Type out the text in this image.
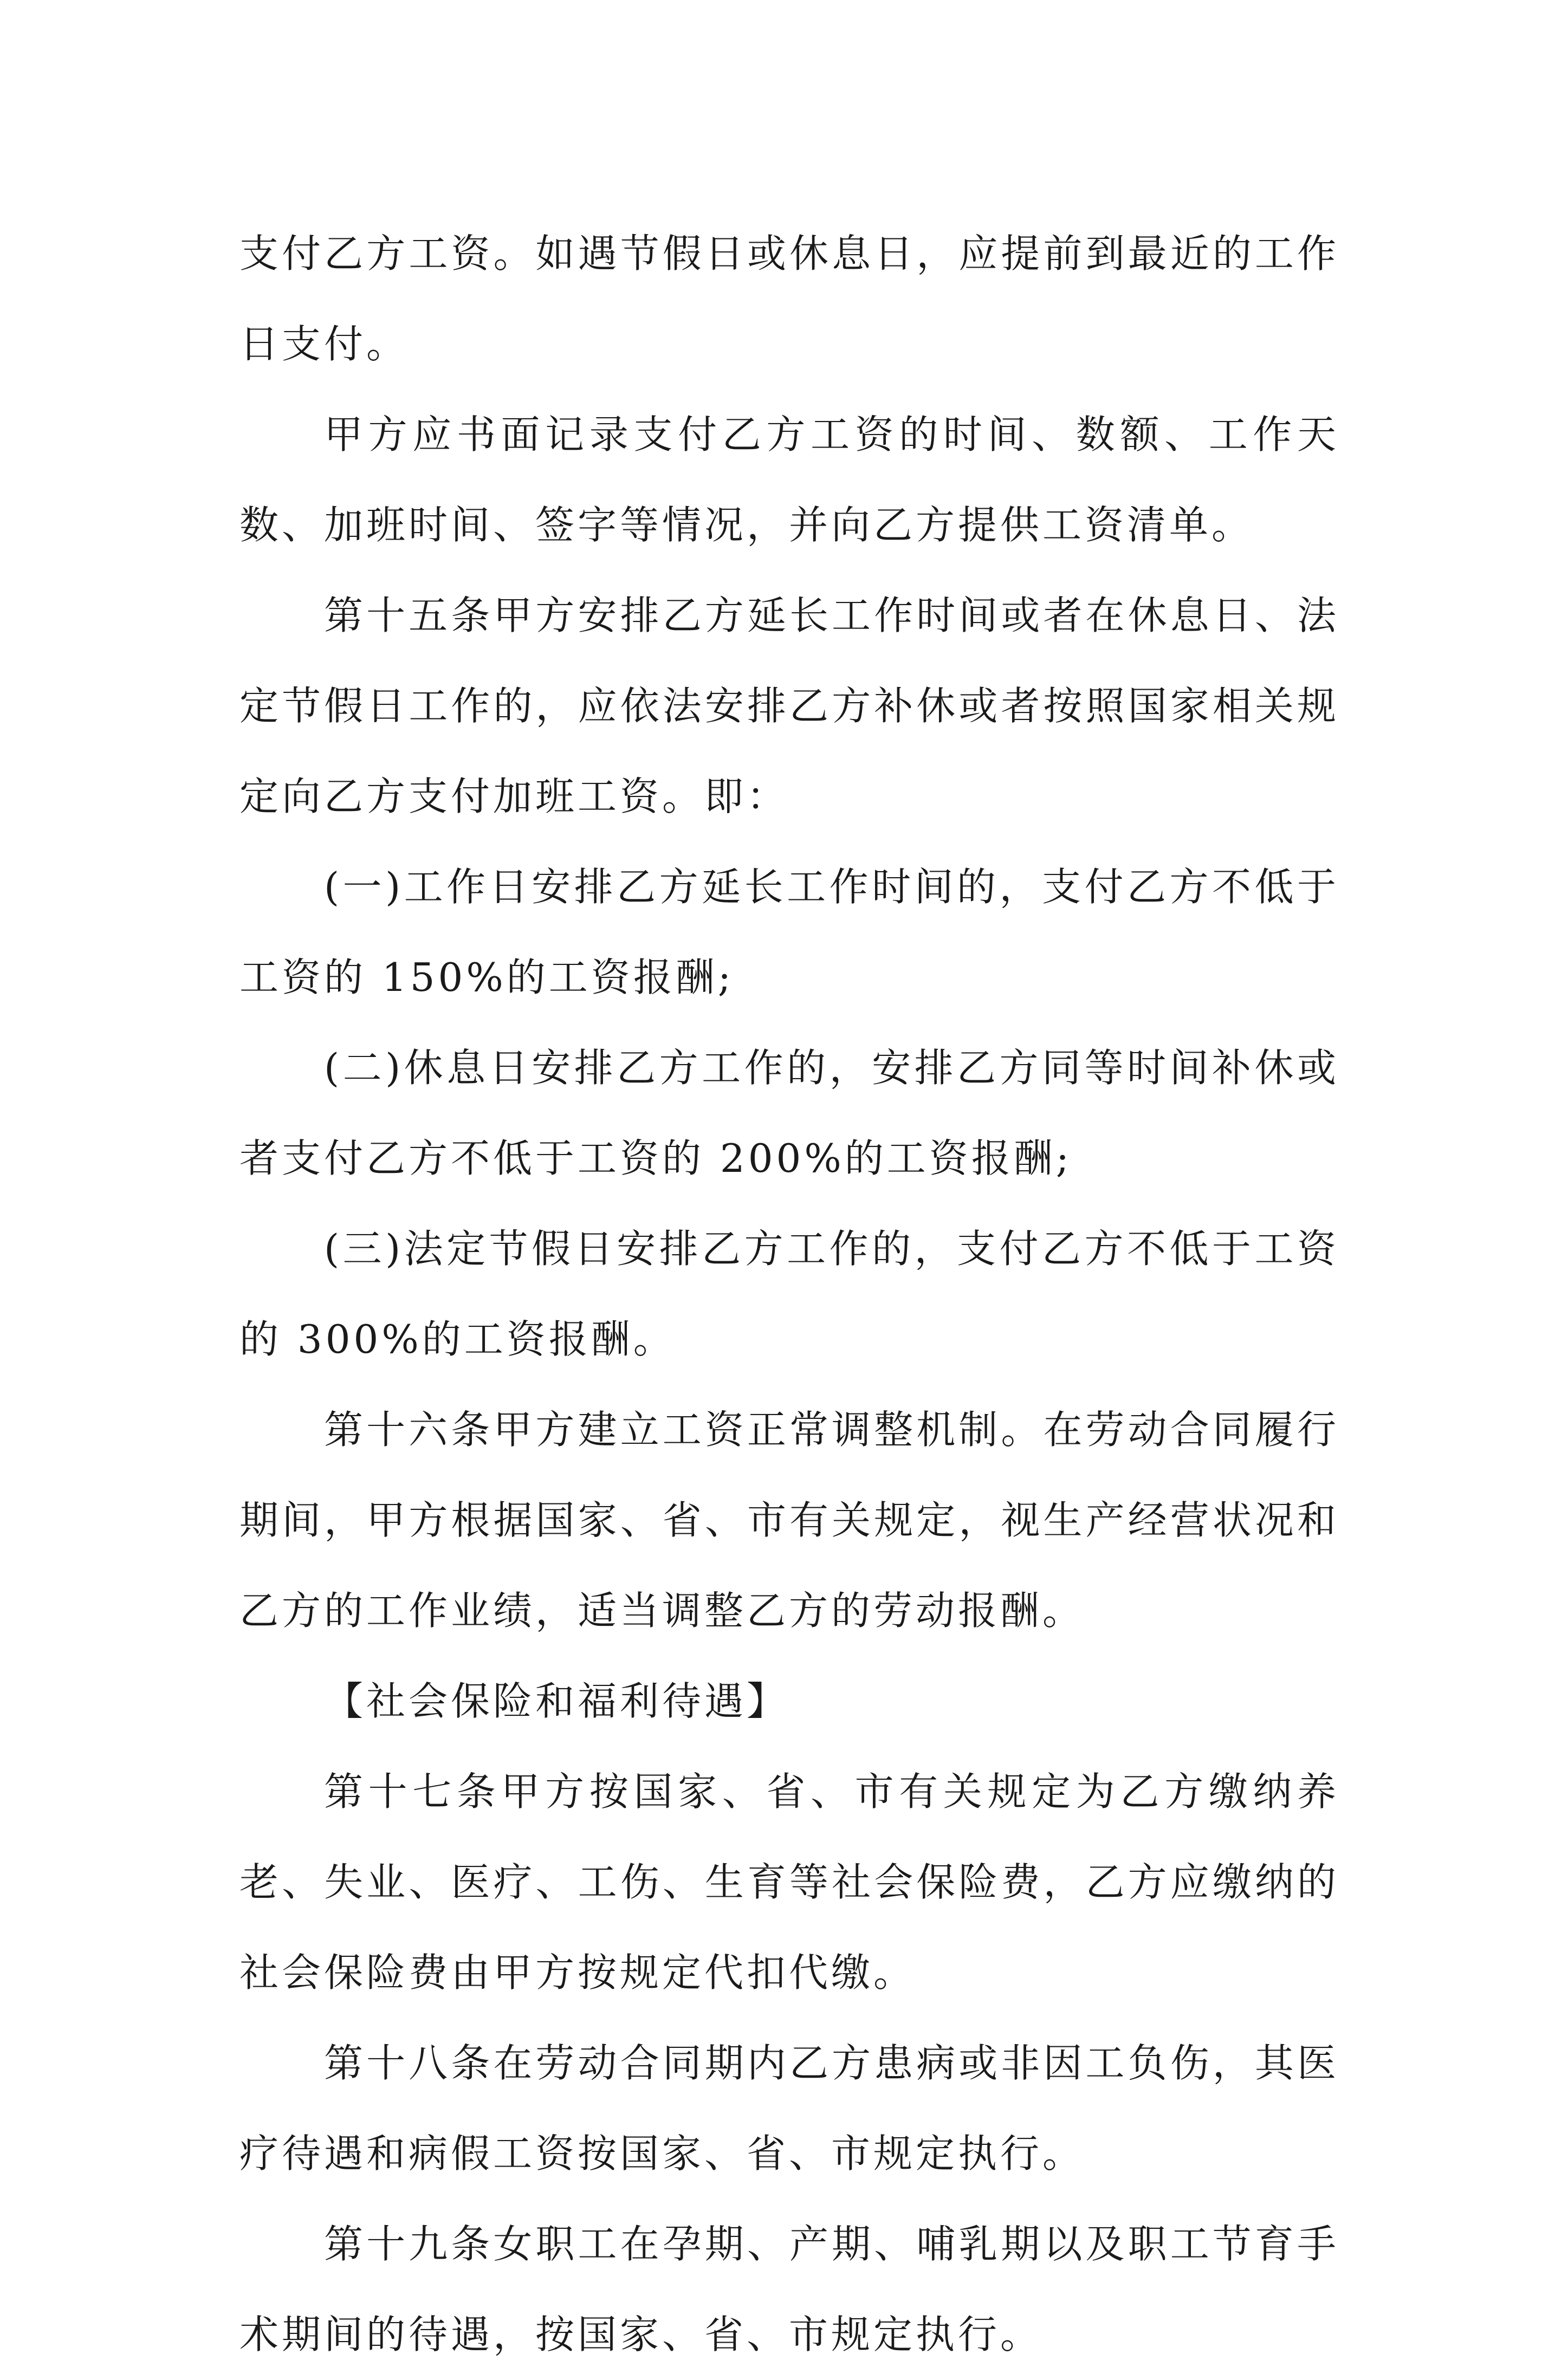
支付乙方工资。如遇节假日或休息日，应提前到最近的工作日支付。

甲方应书面记录支付乙方工资的时间、数额、工作天数、加班时间、签字等情况，并向乙方提供工资清单。

第十五条甲方安排乙方延长工作时间或者在休息日、法定节假日工作的，应依法安排乙方补休或者按照国家相关规定向乙方支付加班工资。即：

(一)工作日安排乙方延长工作时间的，支付乙方不低于工资的 150%的工资报酬;

(二)休息日安排乙方工作的，安排乙方同等时间补休或者支付乙方不低于工资的 200%的工资报酬;

(三)法定节假日安排乙方工作的，支付乙方不低于工资的 300%的工资报酬。

第十六条甲方建立工资正常调整机制。在劳动合同履行期间，甲方根据国家、省、市有关规定，视生产经营状况和乙方的工作业绩，适当调整乙方的劳动报酬。

【社会保险和福利待遇】

第十七条甲方按国家、省、市有关规定为乙方缴纳养老、失业、医疗、工伤、生育等社会保险费，乙方应缴纳的社会保险费由甲方按规定代扣代缴。

第十八条在劳动合同期内乙方患病或非因工负伤，其医疗待遇和病假工资按国家、省、市规定执行。

第十九条女职工在孕期、产期、哺乳期以及职工节育手术期间的待遇，按国家、省、市规定执行。
